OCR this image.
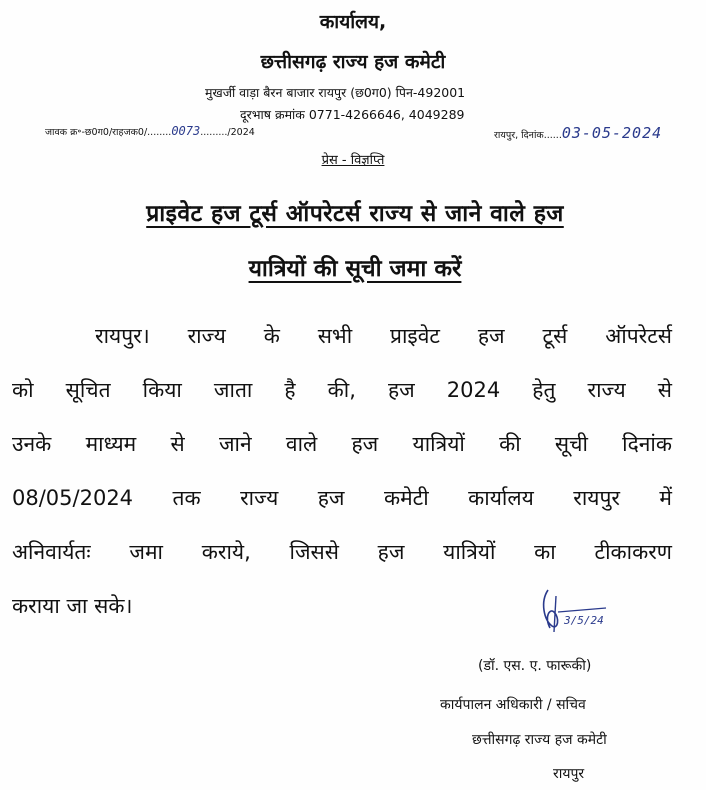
कार्यालय,
छत्तीसगढ़ राज्य हज कमेटी
मुखर्जी वाड़ा बैरन बाजार रायपुर (छ0ग0) पिन-492001
दूरभाष क्रमांक 0771-4266646, 4049289
जावक क्र॰-छ0ग0/राहजक0/........0073........./2024	रायपुर, दिनांक......03-05-2024
प्रेस - विज्ञप्ति
प्राइवेट हज टूर्स ऑपरेटर्स राज्य से जाने वाले हज
यात्रियों की सूची जमा करें
रायपुर। राज्य के सभी प्राइवेट हज टूर्स ऑपरेटर्स
को सूचित किया जाता है की, हज 2024 हेतु राज्य से
उनके माध्यम से जाने वाले हज यात्रियों की सूची दिनांक
08/05/2024 तक राज्य हज कमेटी कार्यालय रायपुर में
अनिवार्यतः जमा कराये, जिससे हज यात्रियों का टीकाकरण
कराया जा सके।
3/5/24
(डॉ. एस. ए. फारूकी)
कार्यपालन अधिकारी / सचिव
छत्तीसगढ़ राज्य हज कमेटी
रायपुर
